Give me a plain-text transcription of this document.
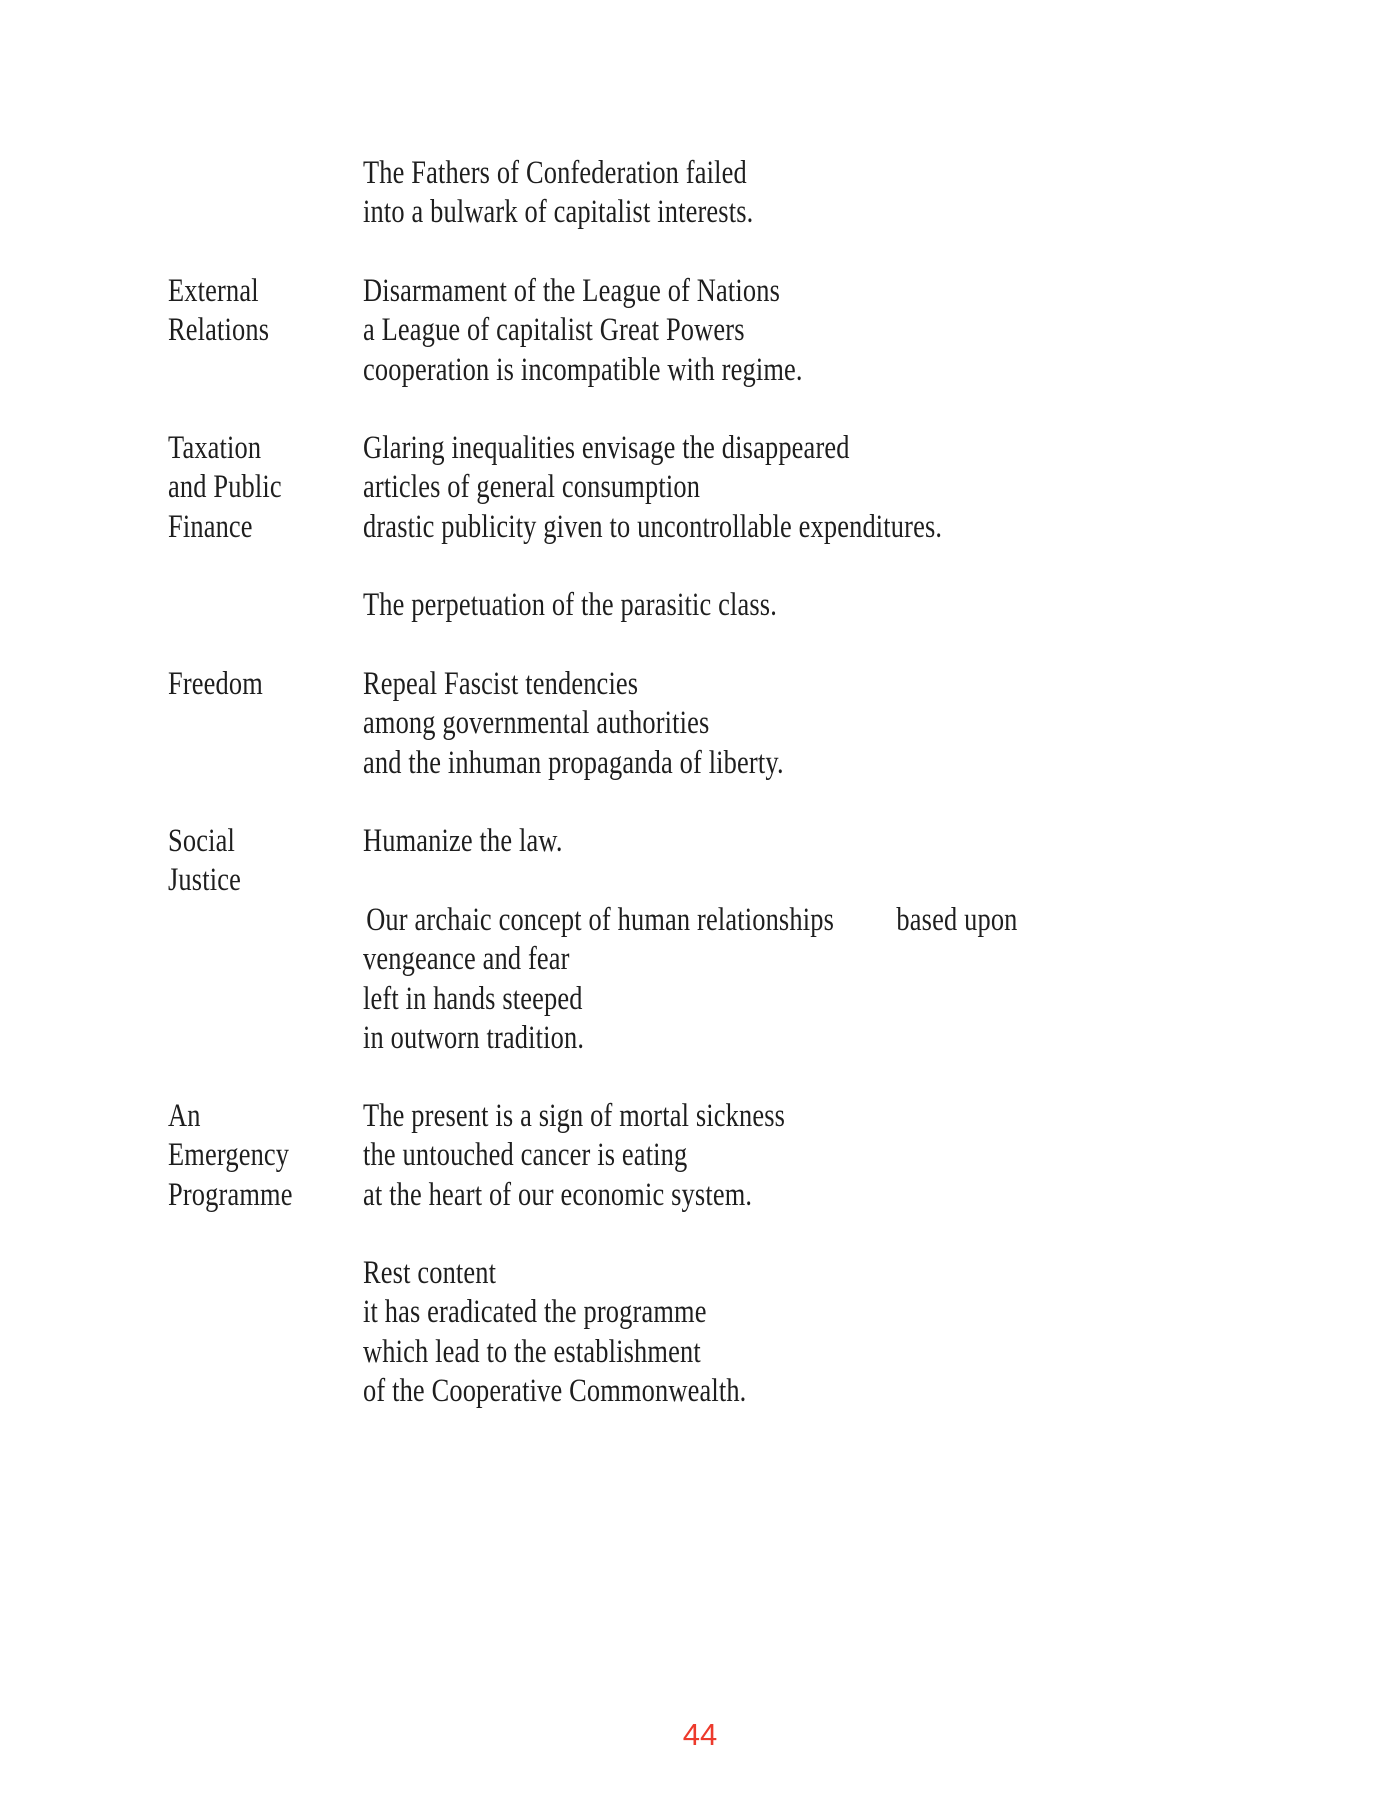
External
Relations
Taxation
and Public
Finance
Freedom
Social
Justice
An
Emergency
Programme
The Fathers of Confederation failed
into a bulwark of capitalist interests.
Disarmament of the League of Nations
a League of capitalist Great Powers
cooperation is incompatible with regime.
Glaring inequalities envisage the disappeared
articles of general consumption
drastic publicity given to uncontrollable expenditures.
The perpetuation of the parasitic class.
Repeal Fascist tendencies
among governmental authorities
and the inhuman propaganda of liberty.
Humanize the law.
Our archaic concept of human relationships based upon
vengeance and fear
left in hands steeped
in outworn tradition.
The present is a sign of mortal sickness
the untouched cancer is eating
at the heart of our economic system.
Rest content
it has eradicated the programme
which lead to the establishment
of the Cooperative Commonwealth.
44
